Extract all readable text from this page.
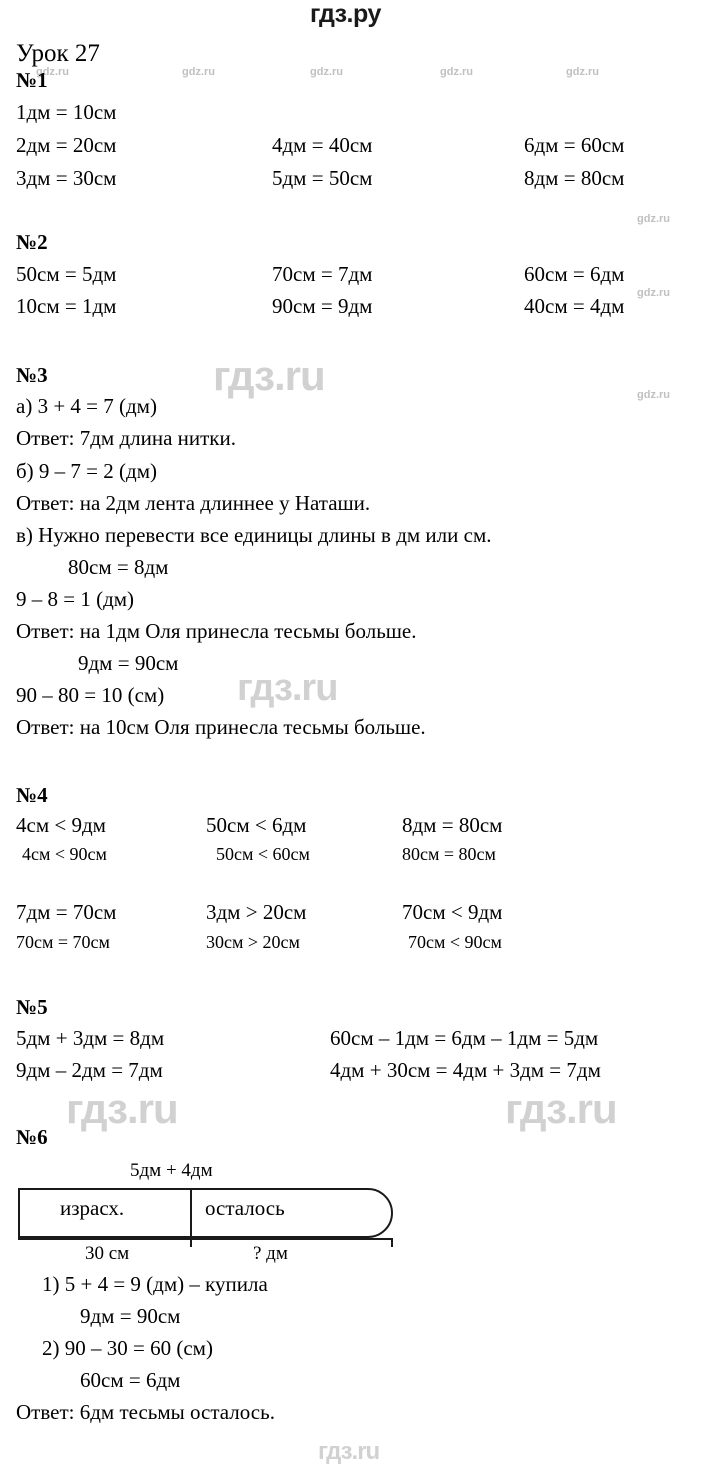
гдз.ру
gdz.ru	gdz.ru	gdz.ru	gdz.ru	gdz.ru
gdz.ru
gdz.ru
gdz.ru
гдз.ru
гдз.ru
гдз.ru	гдз.ru
гдз.ru
Урок 27
№1
1дм = 10см
2дм = 20см	4дм = 40см	6дм = 60см
3дм = 30см	5дм = 50см	8дм = 80см
№2
50см = 5дм	70см = 7дм	60см = 6дм
10см = 1дм	90см = 9дм	40см = 4дм
№3
а) 3 + 4 = 7 (дм)
Ответ: 7дм длина нитки.
б) 9 – 7 = 2 (дм)
Ответ: на 2дм лента длиннее у Наташи.
в) Нужно перевести все единицы длины в дм или см.
80см = 8дм
9 – 8 = 1 (дм)
Ответ: на 1дм Оля принесла тесьмы больше.
9дм = 90см
90 – 80 = 10 (см)
Ответ: на 10см Оля принесла тесьмы больше.
№4
4см < 9дм	50см < 6дм	8дм = 80см
4см < 90см	50см < 60см	80см = 80см
7дм = 70см	3дм > 20см	70см < 9дм
70см = 70см	30см > 20см	70см < 90см
№5
5дм + 3дм = 8дм	60см – 1дм = 6дм – 1дм = 5дм
9дм – 2дм = 7дм	4дм + 30см = 4дм + 3дм = 7дм
№6
5дм + 4дм
израсх.	осталось
30 см	? дм
1) 5 + 4 = 9 (дм) – купила
9дм = 90см
2) 90 – 30 = 60 (см)
60см = 6дм
Ответ: 6дм тесьмы осталось.
